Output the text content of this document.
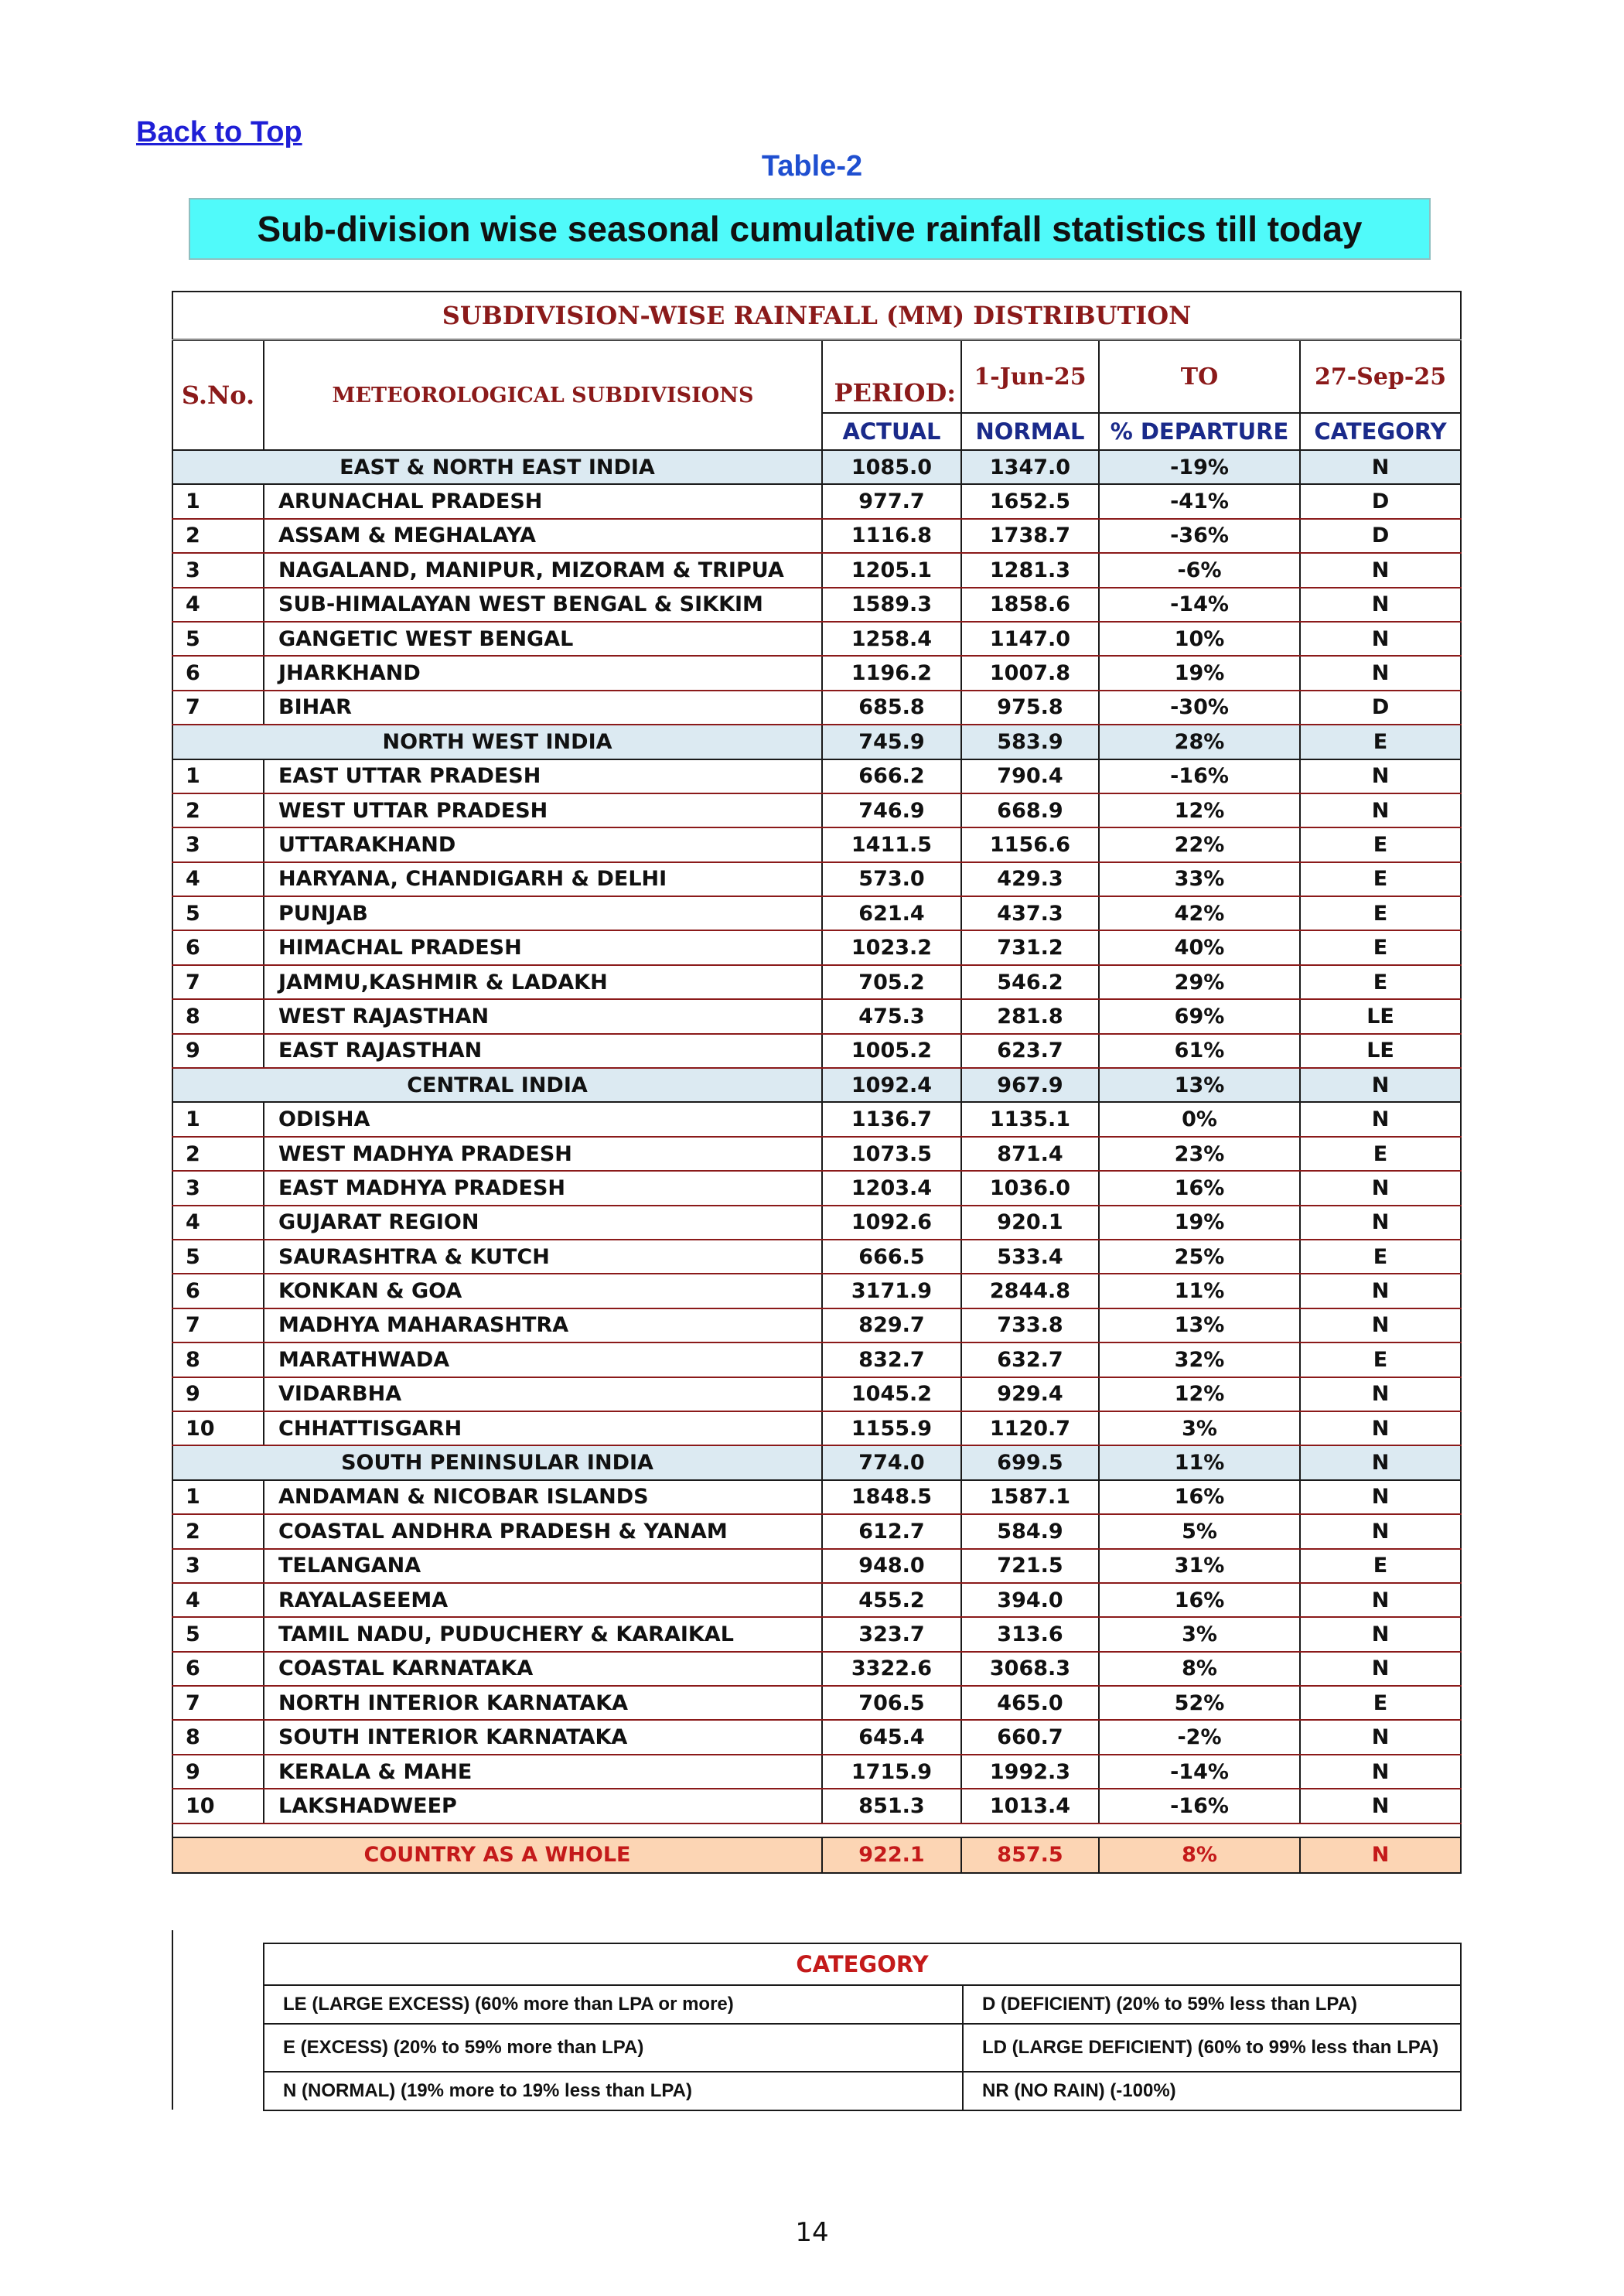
Back to Top
Table-2
Sub-division wise seasonal cumulative rainfall statistics till today
SUBDIVISION-WISE RAINFALL (MM) DISTRIBUTION					
S.No.	METEOROLOGICAL SUBDIVISIONS	PERIOD:	1-Jun-25	TO	27-Sep-25
		ACTUAL	NORMAL	% DEPARTURE	CATEGORY
EAST & NORTH EAST INDIA		1085.0	1347.0	-19%	N
1	ARUNACHAL PRADESH	977.7	1652.5	-41%	D
2	ASSAM & MEGHALAYA	1116.8	1738.7	-36%	D
3	NAGALAND, MANIPUR, MIZORAM & TRIPUA	1205.1	1281.3	-6%	N
4	SUB-HIMALAYAN WEST BENGAL & SIKKIM	1589.3	1858.6	-14%	N
5	GANGETIC WEST BENGAL	1258.4	1147.0	10%	N
6	JHARKHAND	1196.2	1007.8	19%	N
7	BIHAR	685.8	975.8	-30%	D
NORTH WEST INDIA		745.9	583.9	28%	E
1	EAST UTTAR PRADESH	666.2	790.4	-16%	N
2	WEST UTTAR PRADESH	746.9	668.9	12%	N
3	UTTARAKHAND	1411.5	1156.6	22%	E
4	HARYANA, CHANDIGARH & DELHI	573.0	429.3	33%	E
5	PUNJAB	621.4	437.3	42%	E
6	HIMACHAL PRADESH	1023.2	731.2	40%	E
7	JAMMU,KASHMIR & LADAKH	705.2	546.2	29%	E
8	WEST RAJASTHAN	475.3	281.8	69%	LE
9	EAST RAJASTHAN	1005.2	623.7	61%	LE
CENTRAL INDIA		1092.4	967.9	13%	N
1	ODISHA	1136.7	1135.1	0%	N
2	WEST MADHYA PRADESH	1073.5	871.4	23%	E
3	EAST MADHYA PRADESH	1203.4	1036.0	16%	N
4	GUJARAT REGION	1092.6	920.1	19%	N
5	SAURASHTRA & KUTCH	666.5	533.4	25%	E
6	KONKAN & GOA	3171.9	2844.8	11%	N
7	MADHYA MAHARASHTRA	829.7	733.8	13%	N
8	MARATHWADA	832.7	632.7	32%	E
9	VIDARBHA	1045.2	929.4	12%	N
10	CHHATTISGARH	1155.9	1120.7	3%	N
SOUTH PENINSULAR INDIA		774.0	699.5	11%	N
1	ANDAMAN & NICOBAR ISLANDS	1848.5	1587.1	16%	N
2	COASTAL ANDHRA PRADESH & YANAM	612.7	584.9	5%	N
3	TELANGANA	948.0	721.5	31%	E
4	RAYALASEEMA	455.2	394.0	16%	N
5	TAMIL NADU, PUDUCHERY & KARAIKAL	323.7	313.6	3%	N
6	COASTAL KARNATAKA	3322.6	3068.3	8%	N
7	NORTH INTERIOR KARNATAKA	706.5	465.0	52%	E
8	SOUTH INTERIOR KARNATAKA	645.4	660.7	-2%	N
9	KERALA & MAHE	1715.9	1992.3	-14%	N
10	LAKSHADWEEP	851.3	1013.4	-16%	N

COUNTRY AS A WHOLE		922.1	857.5	8%	N
CATEGORY	
LE (LARGE EXCESS) (60% more than LPA or more)	D (DEFICIENT) (20% to 59% less than LPA)
E (EXCESS) (20% to 59% more than LPA)	LD (LARGE DEFICIENT) (60% to 99% less than LPA)
N (NORMAL) (19% more to 19% less than LPA)	NR (NO RAIN) (-100%)
14
